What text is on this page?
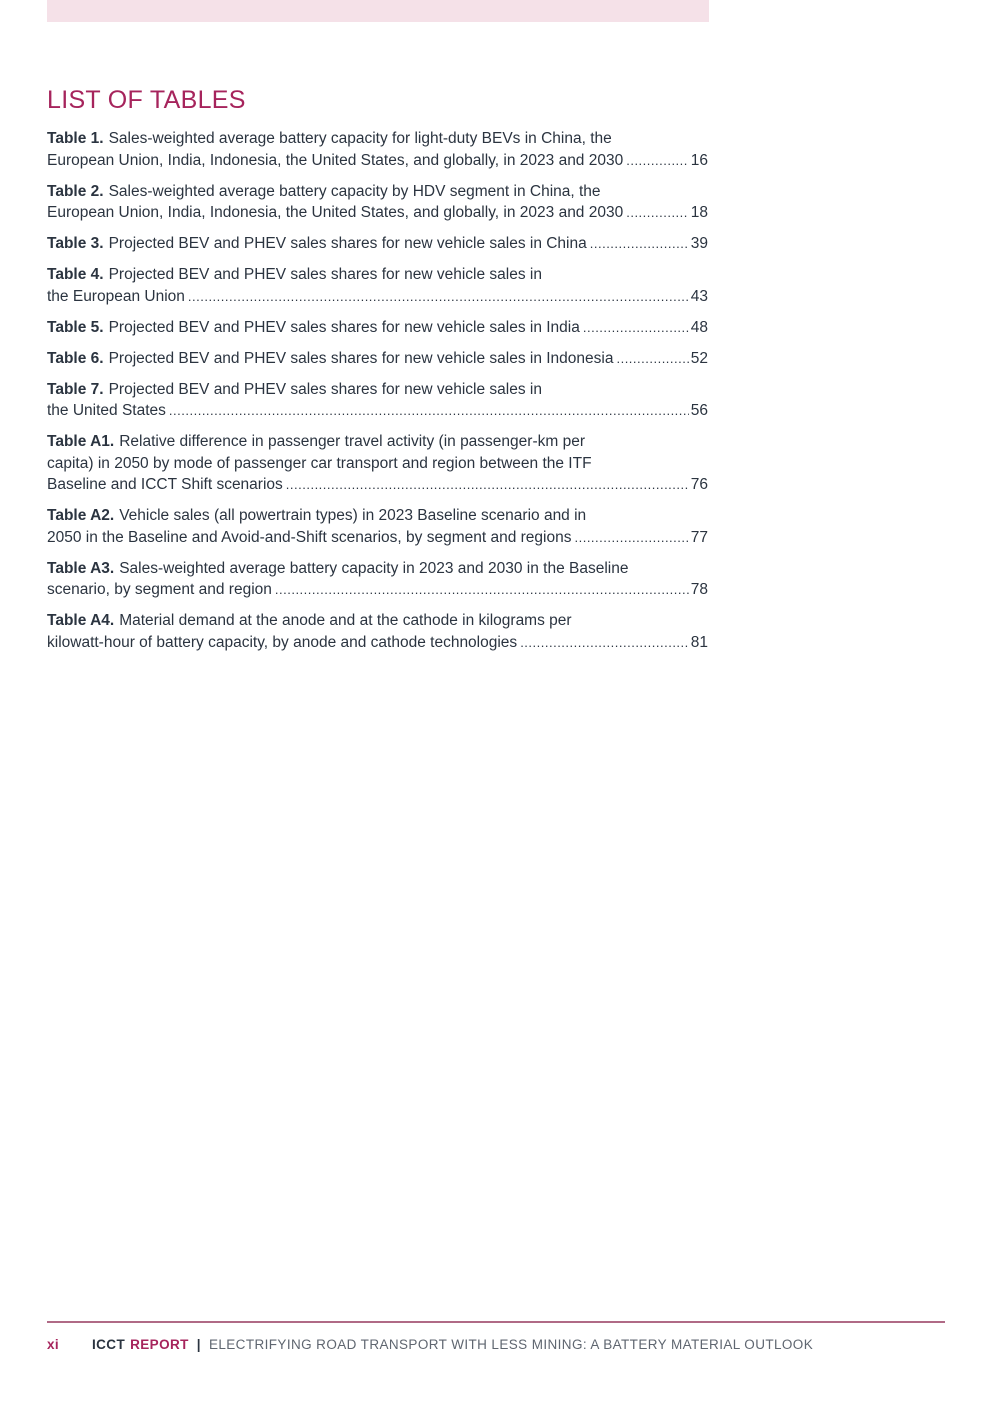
LIST OF TABLES
Table 1. Sales-weighted average battery capacity for light-duty BEVs in China, the
European Union, India, Indonesia, the United States, and globally, in 2023 and 2030 .....	16
Table 2. Sales-weighted average battery capacity by HDV segment in China, the
European Union, India, Indonesia, the United States, and globally, in 2023 and 2030 .....	18
Table 3. Projected BEV and PHEV sales shares for new vehicle sales in China .....	39
Table 4. Projected BEV and PHEV sales shares for new vehicle sales in
the European Union .....	43
Table 5. Projected BEV and PHEV sales shares for new vehicle sales in India .....	48
Table 6. Projected BEV and PHEV sales shares for new vehicle sales in Indonesia .....	52
Table 7. Projected BEV and PHEV sales shares for new vehicle sales in
the United States .....	56
Table A1. Relative difference in passenger travel activity (in passenger-km per
capita) in 2050 by mode of passenger car transport and region between the ITF
Baseline and ICCT Shift scenarios .....	76
Table A2. Vehicle sales (all powertrain types) in 2023 Baseline scenario and in
2050 in the Baseline and Avoid-and-Shift scenarios, by segment and regions .....	77
Table A3. Sales-weighted average battery capacity in 2023 and 2030 in the Baseline
scenario, by segment and region .....	78
Table A4. Material demand at the anode and at the cathode in kilograms per
kilowatt-hour of battery capacity, by anode and cathode technologies .....	81
xi	ICCT REPORT | ELECTRIFYING ROAD TRANSPORT WITH LESS MINING: A BATTERY MATERIAL OUTLOOK
